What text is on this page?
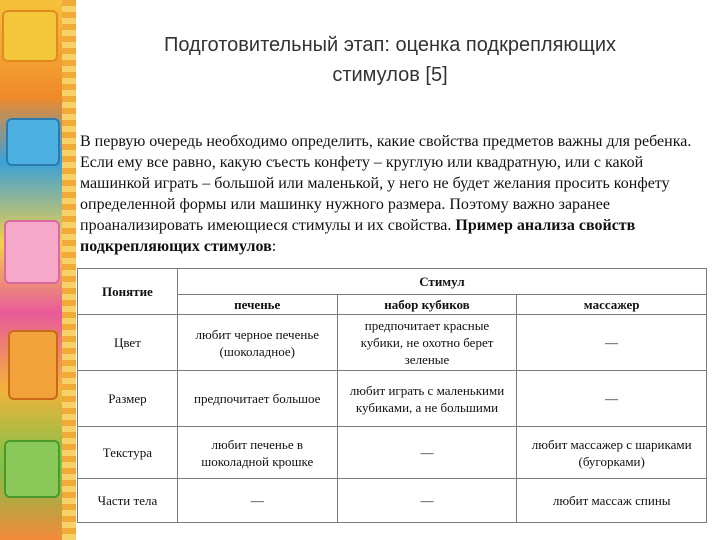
Подготовительный этап: оценка подкрепляющих
стимулов [5]
В первую очередь необходимо определить, какие свойства предметов важны для ребенка. Если ему все равно, какую съесть конфету – круглую или квадратную, или с какой машинкой играть – большой или маленькой, у него не будет желания просить конфету определенной формы или машинку нужного размера. Поэтому важно заранее проанализировать имеющиеся стимулы и их свойства. Пример анализа свойств подкрепляющих стимулов:
Понятие	Стимул		
	печенье	набор кубиков	массажер
Цвет	любит черное печенье (шоколадное)	предпочитает красные кубики, не охотно берет зеленые	—
Размер	предпочитает большое	любит играть с маленькими кубиками, а не большими	—
Текстура	любит печенье в шоколадной крошке	—	любит массажер с шариками (бугорками)
Части тела	—	—	любит массаж спины
